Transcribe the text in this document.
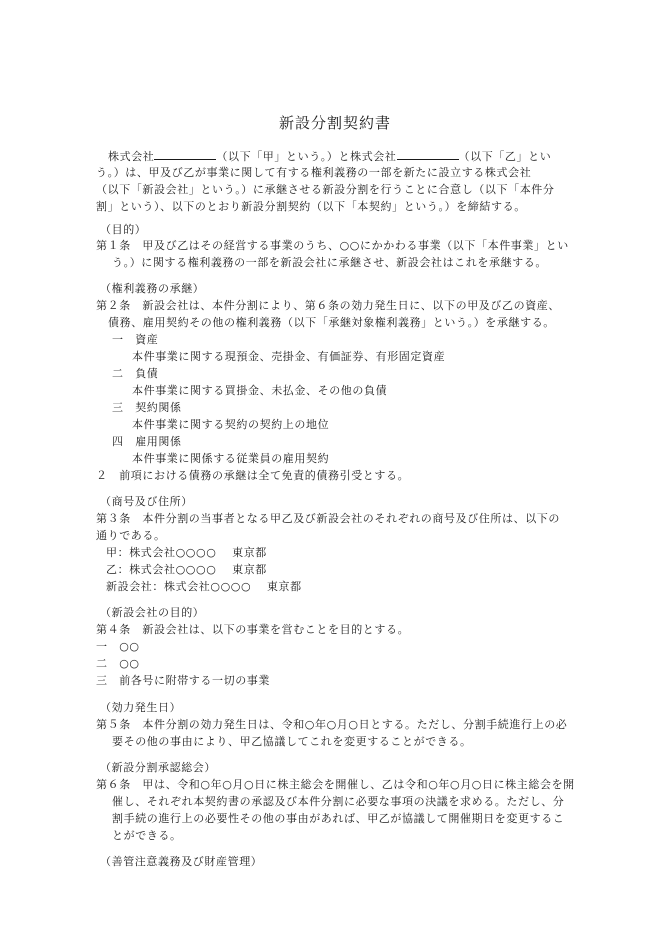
新設分割契約書
株式会社	（以下「甲」という。）と株式会社	（以下「乙」とい
う。）は、甲及び乙が事業に関して有する権利義務の一部を新たに設立する株式会社
（以下「新設会社」という。）に承継させる新設分割を行うことに合意し（以下「本件分
割」という）、以下のとおり新設分割契約（以下「本契約」という。）を締結する。
（目的）
第１条　甲及び乙はその経営する事業のうち、○○にかかわる事業（以下「本件事業」とい
う。）に関する権利義務の一部を新設会社に承継させ、新設会社はこれを承継する。
（権利義務の承継）
第２条　新設会社は、本件分割により、第６条の効力発生日に、以下の甲及び乙の資産、
債務、雇用契約その他の権利義務（以下「承継対象権利義務」という。）を承継する。
一　資産
本件事業に関する現預金、売掛金、有価証券、有形固定資産
二　負債
本件事業に関する買掛金、未払金、その他の負債
三　契約関係
本件事業に関する契約の契約上の地位
四　雇用関係
本件事業に関係する従業員の雇用契約
２　前項における債務の承継は全て免責的債務引受とする。
（商号及び住所）
第３条　本件分割の当事者となる甲乙及び新設会社のそれぞれの商号及び住所は、以下の
通りである。
甲：株式会社○○○○　 東京都
乙：株式会社○○○○　 東京都
新設会社：株式会社○○○○　 東京都
（新設会社の目的）
第４条　新設会社は、以下の事業を営むことを目的とする。
一　○○
二　○○
三　前各号に附帯する一切の事業
（効力発生日）
第５条　本件分割の効力発生日は、令和○年○月○日とする。ただし、分割手続進行上の必
要その他の事由により、甲乙協議してこれを変更することができる。
（新設分割承認総会）
第６条　甲は、令和○年○月○日に株主総会を開催し、乙は令和○年○月○日に株主総会を開
催し、それぞれ本契約書の承認及び本件分割に必要な事項の決議を求める。ただし、分
割手続の進行上の必要性その他の事由があれば、甲乙が協議して開催期日を変更するこ
とができる。
（善管注意義務及び財産管理）
